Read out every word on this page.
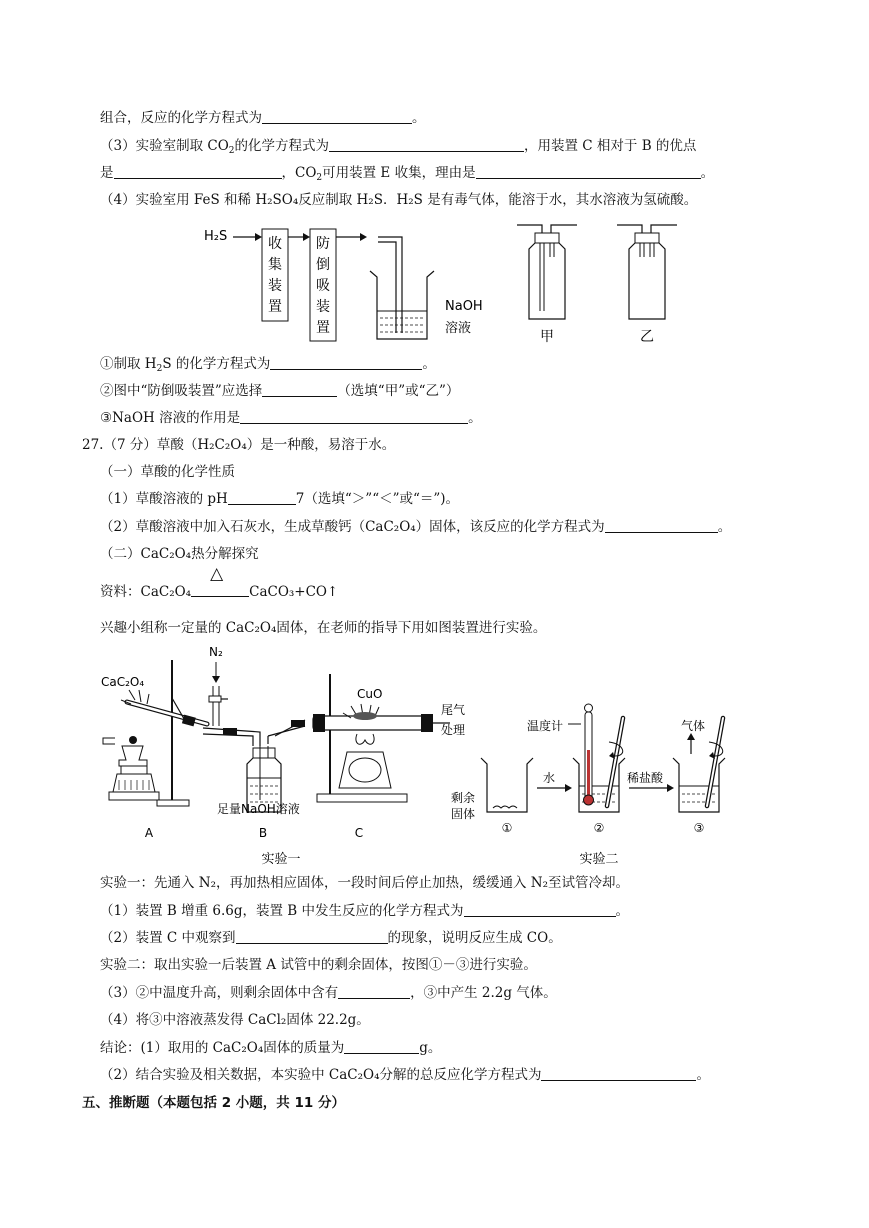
组合，反应的化学方程式为	。
（3）实验室制取 $CO_2$的化学方程式为	，用装置 C 相对于 B 的优点
是	，$CO_2$可用装置 E 收集，理由是	。
（4）实验室用 FeS 和稀 H₂SO₄反应制取 H₂S．H₂S 是有毒气体，能溶于水，其水溶液为氢硫酸。
H₂S	收
集
装
置
防
倒
吸
装
置
NaOH
溶液
甲	乙
①制取 $H_2S$ 的化学方程式为	。
②图中“防倒吸装置”应选择	（选填“甲”或“乙”）
③NaOH 溶液的作用是	。
27.（7 分）草酸（H₂C₂O₄）是一种酸，易溶于水。
（一）草酸的化学性质
（1）草酸溶液的 pH	7（选填“＞”“＜”或“＝”)。
（2）草酸溶液中加入石灰水，生成草酸钙（CaC₂O₄）固体，该反应的化学方程式为	。
（二）CaC₂O₄热分解探究
资料：CaC₂O₄
△
CaCO₃+CO↑
兴趣小组称一定量的 CaC₂O₄固体，在老师的指导下用如图装置进行实验。
CaC₂O₄
A
N₂
足量NaOH溶液
B
CuO
尾气
处理
C
实验一
剩余
固体
①
水
温度计
②
稀盐酸
气体
③
实验二
实验一：先通入 N₂，再加热相应固体，一段时间后停止加热，缓缓通入 N₂至试管冷却。
（1）装置 B 增重 6.6g，装置 B 中发生反应的化学方程式为	。
（2）装置 C 中观察到	的现象，说明反应生成 CO。
实验二：取出实验一后装置 A 试管中的剩余固体，按图①－③进行实验。
（3）②中温度升高，则剩余固体中含有	，③中产生 2.2g 气体。
（4）将③中溶液蒸发得 CaCl₂固体 22.2g。
结论：(1）取用的 CaC₂O₄固体的质量为	g。
（2）结合实验及相关数据，本实验中 CaC₂O₄分解的总反应化学方程式为	。
五、推断题（本题包括 2 小题，共 11 分）
